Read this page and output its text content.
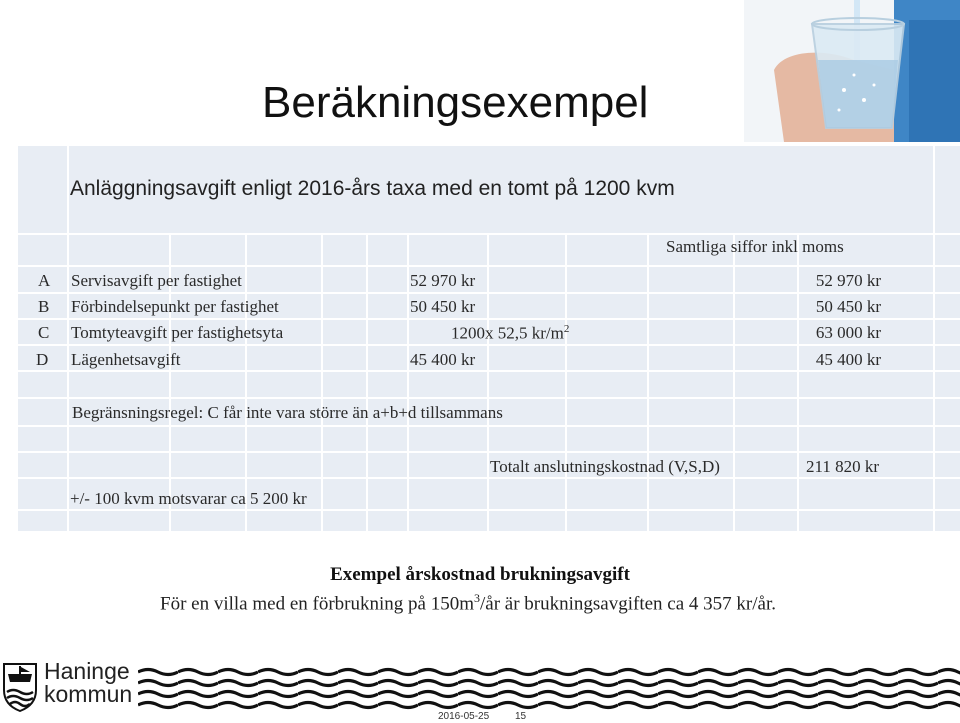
Beräkningsexempel
Anläggningsavgift enligt 2016-års taxa med en tomt på 1200 kvm
Samtliga siffor inkl moms
A Servisavgift per fastighet	52 970 kr	52 970 kr
B Förbindelsepunkt per fastighet	50 450 kr	50 450 kr
C Tomtyteavgift per fastighetsyta	1200x 52,5 $kr/m^2$	63 000 kr
D Lägenhetsavgift	45 400 kr	45 400 kr
Begränsningsregel: C får inte vara större än a+b+d tillsammans
Totalt anslutningskostnad (V,S,D)	211 820 kr
+/- 100 kvm motsvarar ca 5 200 kr
Exempel årskostnad brukningsavgift
För en villa med en förbrukning på $150m^3/år$ är brukningsavgiften ca 4 357 kr/år.
Haninge
kommun
2016-05-25	15
